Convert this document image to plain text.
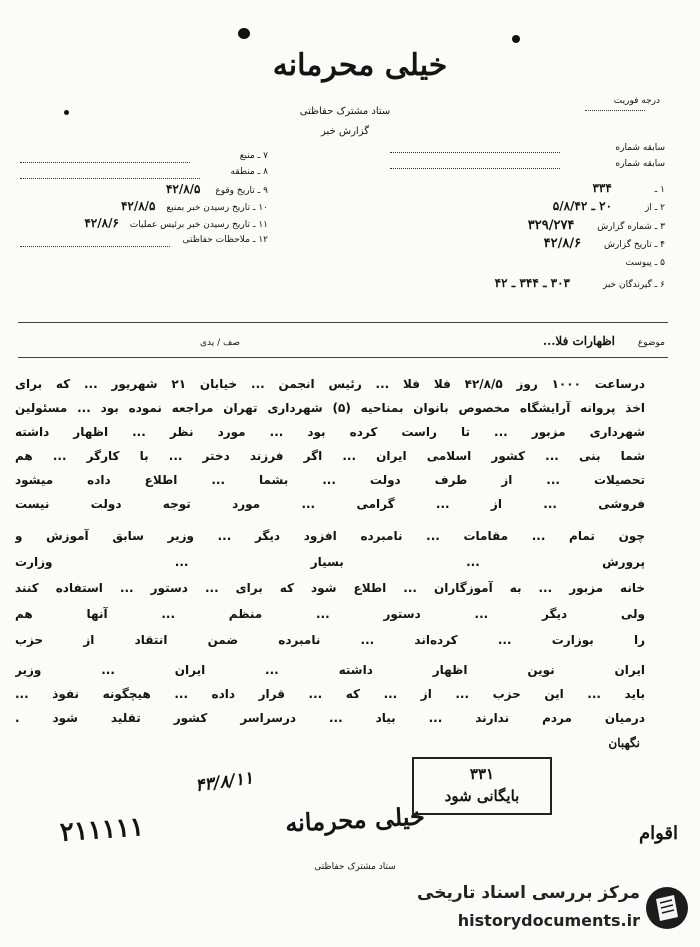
خیلی محرمانه
ستاد مشترک حفاظتی
گزارش خبر
درجه فوریت
۷ ـ منبع
۸ ـ منطقه
۹ ـ تاریخ وقوع ۴۲/۸/۵
۱۰ ـ تاریخ رسیدن خبر بمنبع ۴۲/۸/۵
۱۱ ـ تاریخ رسیدن خبر برئیس عملیات ۴۲/۸/۶
۱۲ ـ ملاحظات حفاظتی
سابقه شماره
سابقه شماره
۱ ـ ۳۳۴
۲ ـ از ۲۰ ـ ۵/۸/۴۲
۳ ـ شماره گزارش ۳۲۹/۲۷۴
۴ ـ تاریخ گزارش ۴۲/۸/۶
۵ ـ پیوست
۶ ـ گیرندگان خبر ۳۰۳ ـ ۳۴۴ ـ ۴۲
موضوع
اظهارات فلا...
صف / یدی
درساعت ۱۰۰۰ روز ۴۲/۸/۵ فلا فلا ... رئیس انجمن ... خیابان ۲۱ شهریور ... که برای
اخذ پروانه آرایشگاه مخصوص بانوان بمناحیه (۵) شهرداری تهران مراجعه نموده بود ... مسئولین
شهرداری مزبور ... تا راست کرده بود ... مورد نظر ... اظهار داشته
شما بنی ... کشور اسلامی ایران ... اگر فرزند دختر ... با کارگر ... هم
تحصیلات ... از طرف دولت ... بشما ... اطلاع داده میشود
فروشی ... از ... گرامی ... مورد توجه دولت نیست
چون تمام ... مقامات ... نامبرده افزود دیگر ... وزیر سابق آموزش و
پرورش ... بسیار ... وزارت
خانه مزبور ... به آموزگاران ... اطلاع شود که برای ... دستور ... استفاده کنند
ولی دیگر ... دستور ... منظم ... آنها هم
را بوزارت ... کرده‌اند ... نامبرده ضمن انتقاد از حزب
ایران نوین اظهار داشته ... ایران ... وزیر
باید ... این حزب ... از ... که ... قرار داده ... هیچگونه نفوذ ...
درمیان مردم ندارند ... بیاد ... درسراسر کشور تقلید شود .
نگهبان
۳۳۱
بایگانی شود
۴۳/۸/۱۱
خیلی محرمانه
۲۱۱۱۱۱	اقوام
ستاد مشترک حفاظتی
مرکز بررسی اسناد تاریخی
historydocuments.ir
